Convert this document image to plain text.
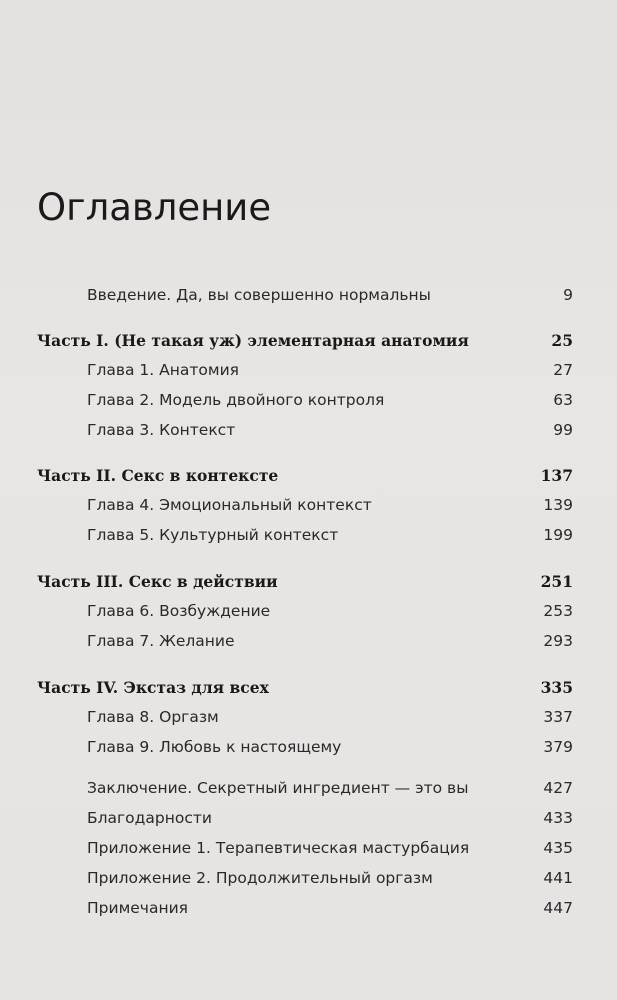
Оглавление
Введение. Да, вы совершенно нормальны	9
Часть I. (Не такая уж) элементарная анатомия	25
Глава 1. Анатомия	27
Глава 2. Модель двойного контроля	63
Глава 3. Контекст	99
Часть II. Секс в контексте	137
Глава 4. Эмоциональный контекст	139
Глава 5. Культурный контекст	199
Часть III. Секс в действии	251
Глава 6. Возбуждение	253
Глава 7. Желание	293
Часть IV. Экстаз для всех	335
Глава 8. Оргазм	337
Глава 9. Любовь к настоящему	379
Заключение. Секретный ингредиент — это вы	427
Благодарности	433
Приложение 1. Терапевтическая мастурбация	435
Приложение 2. Продолжительный оргазм	441
Примечания	447
